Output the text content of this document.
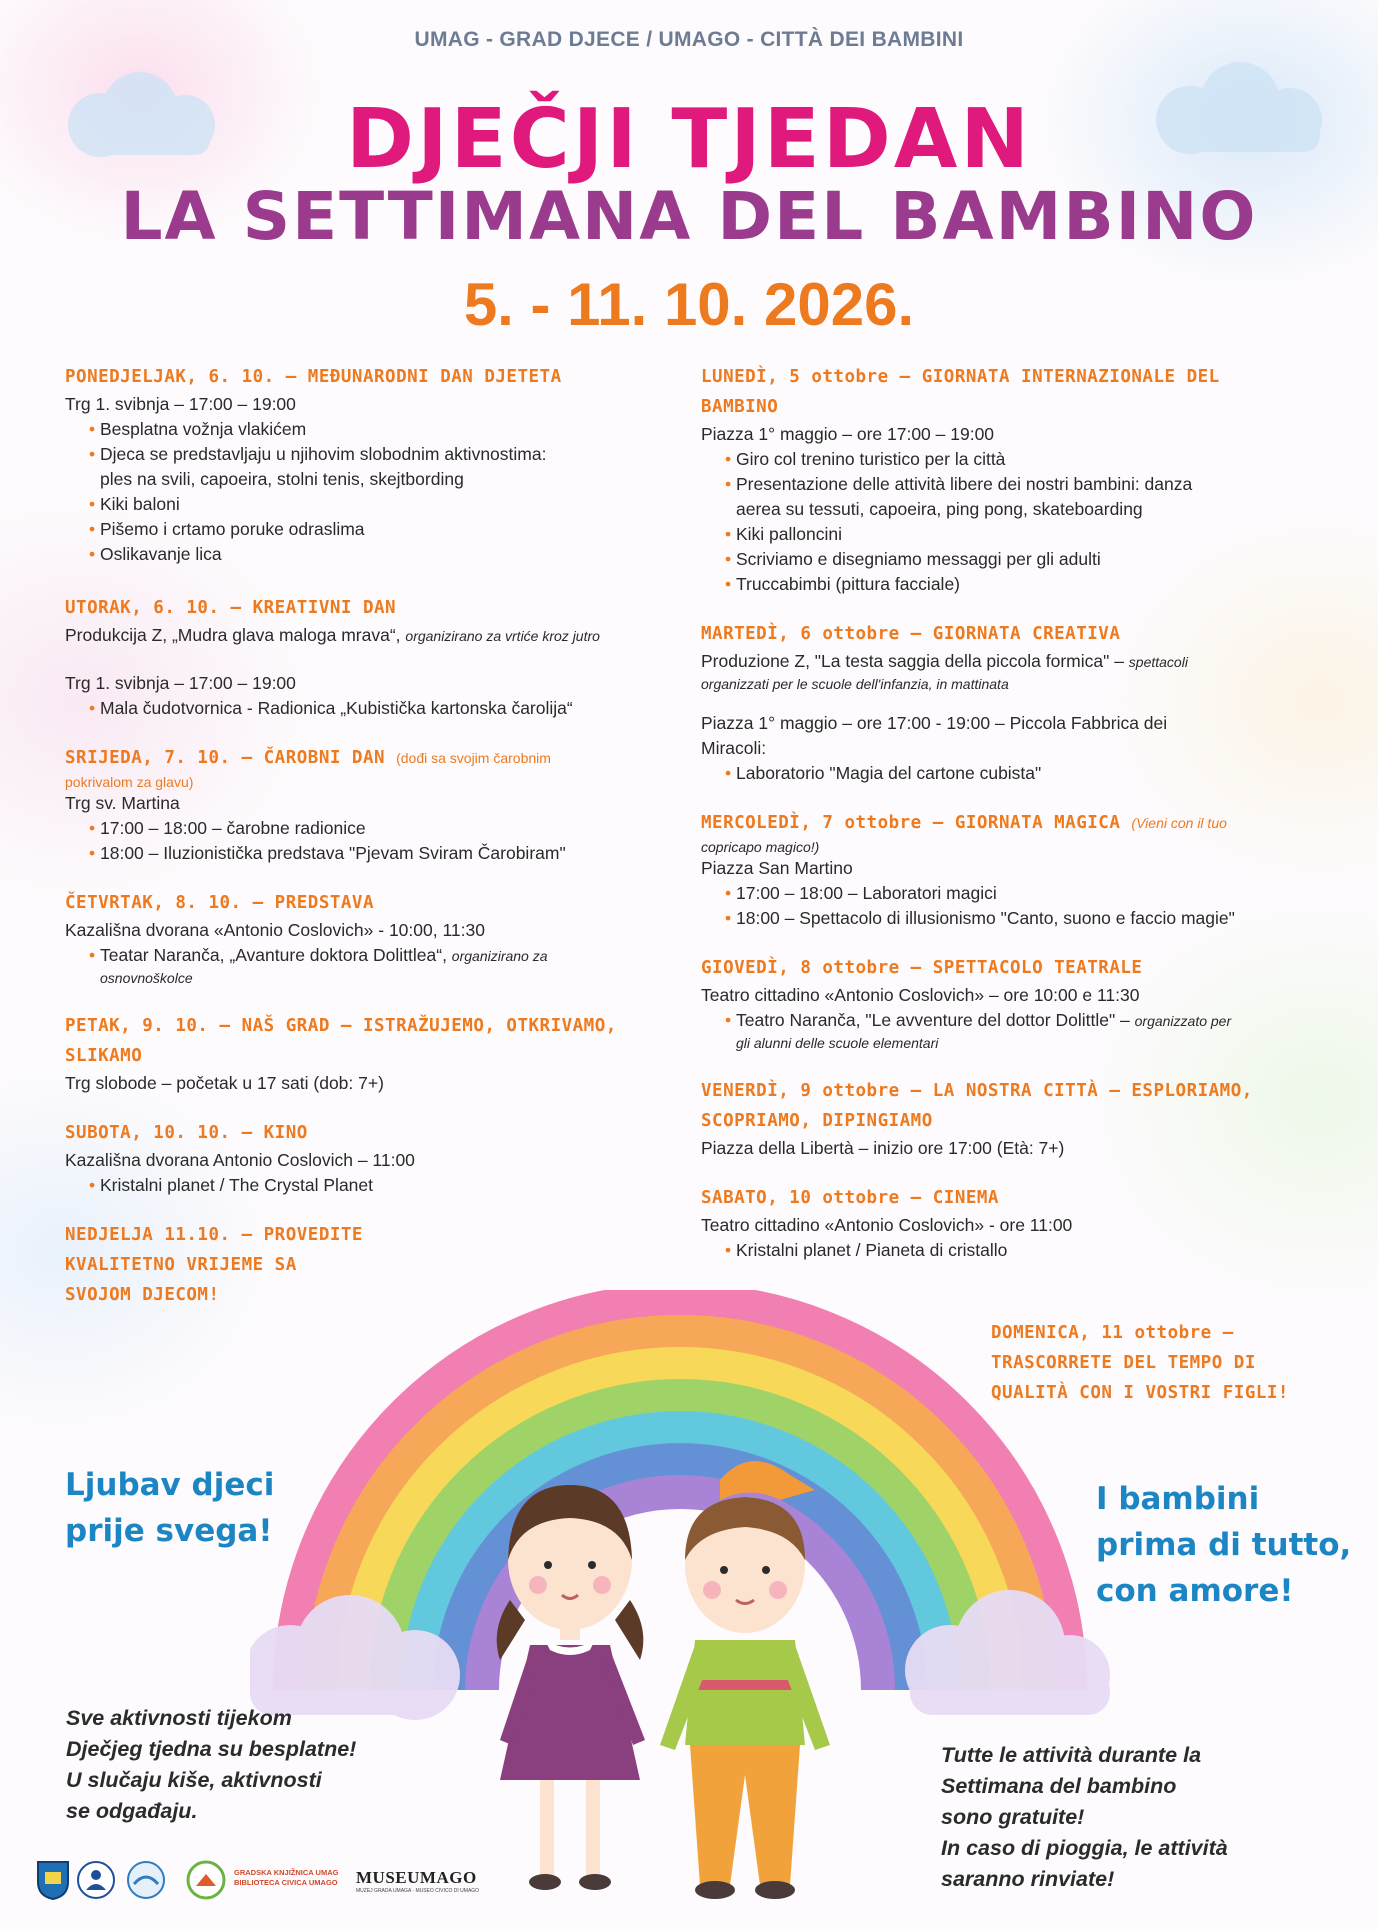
UMAG - GRAD DJECE / UMAGO - CITTÀ DEI BAMBINI
DJEČJI TJEDAN
LA SETTIMANA DEL BAMBINO
5. - 11. 10. 2026.
PONEDJELJAK, 6. 10. – MEĐUNARODNI DAN DJETETA
Trg 1. svibnja – 17:00 – 19:00
• Besplatna vožnja vlakićem
• Djeca se predstavljaju u njihovim slobodnim aktivnostima:
ples na svili, capoeira, stolni tenis, skejtbording
• Kiki baloni
• Pišemo i crtamo poruke odraslima
• Oslikavanje lica
UTORAK, 6. 10. – KREATIVNI DAN
Produkcija Z, „Mudra glava maloga mrava“, organizirano za vrtiće kroz jutro
Trg 1. svibnja – 17:00 – 19:00
• Mala čudotvornica - Radionica „Kubistička kartonska čarolija“
SRIJEDA, 7. 10. – ČAROBNI DAN (dođi sa svojim čarobnim
pokrivalom za glavu)
Trg sv. Martina
• 17:00 – 18:00 – čarobne radionice
• 18:00 – Iluzionistička predstava "Pjevam Sviram Čarobiram"
ČETVRTAK, 8. 10. – PREDSTAVA
Kazališna dvorana «Antonio Coslovich» - 10:00, 11:30
• Teatar Naranča, „Avanture doktora Dolittlea“, organizirano za
osnovnoškolce
PETAK, 9. 10. – NAŠ GRAD – ISTRAŽUJEMO, OTKRIVAMO,
SLIKAMO
Trg slobode – početak u 17 sati (dob: 7+)
SUBOTA, 10. 10. – KINO
Kazališna dvorana Antonio Coslovich – 11:00
• Kristalni planet / The Crystal Planet
NEDJELJA 11.10. – PROVEDITE
KVALITETNO VRIJEME SA
SVOJOM DJECOM!
LUNEDÌ, 5 ottobre – GIORNATA INTERNAZIONALE DEL
BAMBINO
Piazza 1° maggio – ore 17:00 – 19:00
• Giro col trenino turistico per la città
• Presentazione delle attività libere dei nostri bambini: danza
aerea su tessuti, capoeira, ping pong, skateboarding
• Kiki palloncini
• Scriviamo e disegniamo messaggi per gli adulti
• Truccabimbi (pittura facciale)
MARTEDÌ, 6 ottobre – GIORNATA CREATIVA
Produzione Z, "La testa saggia della piccola formica" – spettacoli
organizzati per le scuole dell'infanzia, in mattinata
Piazza 1° maggio – ore 17:00 - 19:00 – Piccola Fabbrica dei
Miracoli:
• Laboratorio "Magia del cartone cubista"
MERCOLEDÌ, 7 ottobre – GIORNATA MAGICA (Vieni con il tuo
copricapo magico!)
Piazza San Martino
• 17:00 – 18:00 – Laboratori magici
• 18:00 – Spettacolo di illusionismo "Canto, suono e faccio magie"
GIOVEDÌ, 8 ottobre – SPETTACOLO TEATRALE
Teatro cittadino «Antonio Coslovich» – ore 10:00 e 11:30
• Teatro Naranča, "Le avventure del dottor Dolittle" – organizzato per
gli alunni delle scuole elementari
VENERDÌ, 9 ottobre – LA NOSTRA CITTÀ – ESPLORIAMO,
SCOPRIAMO, DIPINGIAMO
Piazza della Libertà – inizio ore 17:00 (Età: 7+)
SABATO, 10 ottobre – CINEMA
Teatro cittadino «Antonio Coslovich» - ore 11:00
• Kristalni planet / Pianeta di cristallo
DOMENICA, 11 ottobre –
TRASCORRETE DEL TEMPO DI
QUALITÀ CON I VOSTRI FIGLI!
Ljubav djeci
prije svega!
I bambini
prima di tutto,
con amore!
Sve aktivnosti tijekom
Dječjeg tjedna su besplatne!
U slučaju kiše, aktivnosti
se odgađaju.
Tutte le attività durante la
Settimana del bambino
sono gratuite!
In caso di pioggia, le attività
saranno rinviate!
GRADSKA KNJIŽNICA UMAG
BIBLIOTECA CIVICA UMAGO MUSEUMAGO
MUZEJ GRADA UMAGA · MUSEO CIVICO DI UMAGO
